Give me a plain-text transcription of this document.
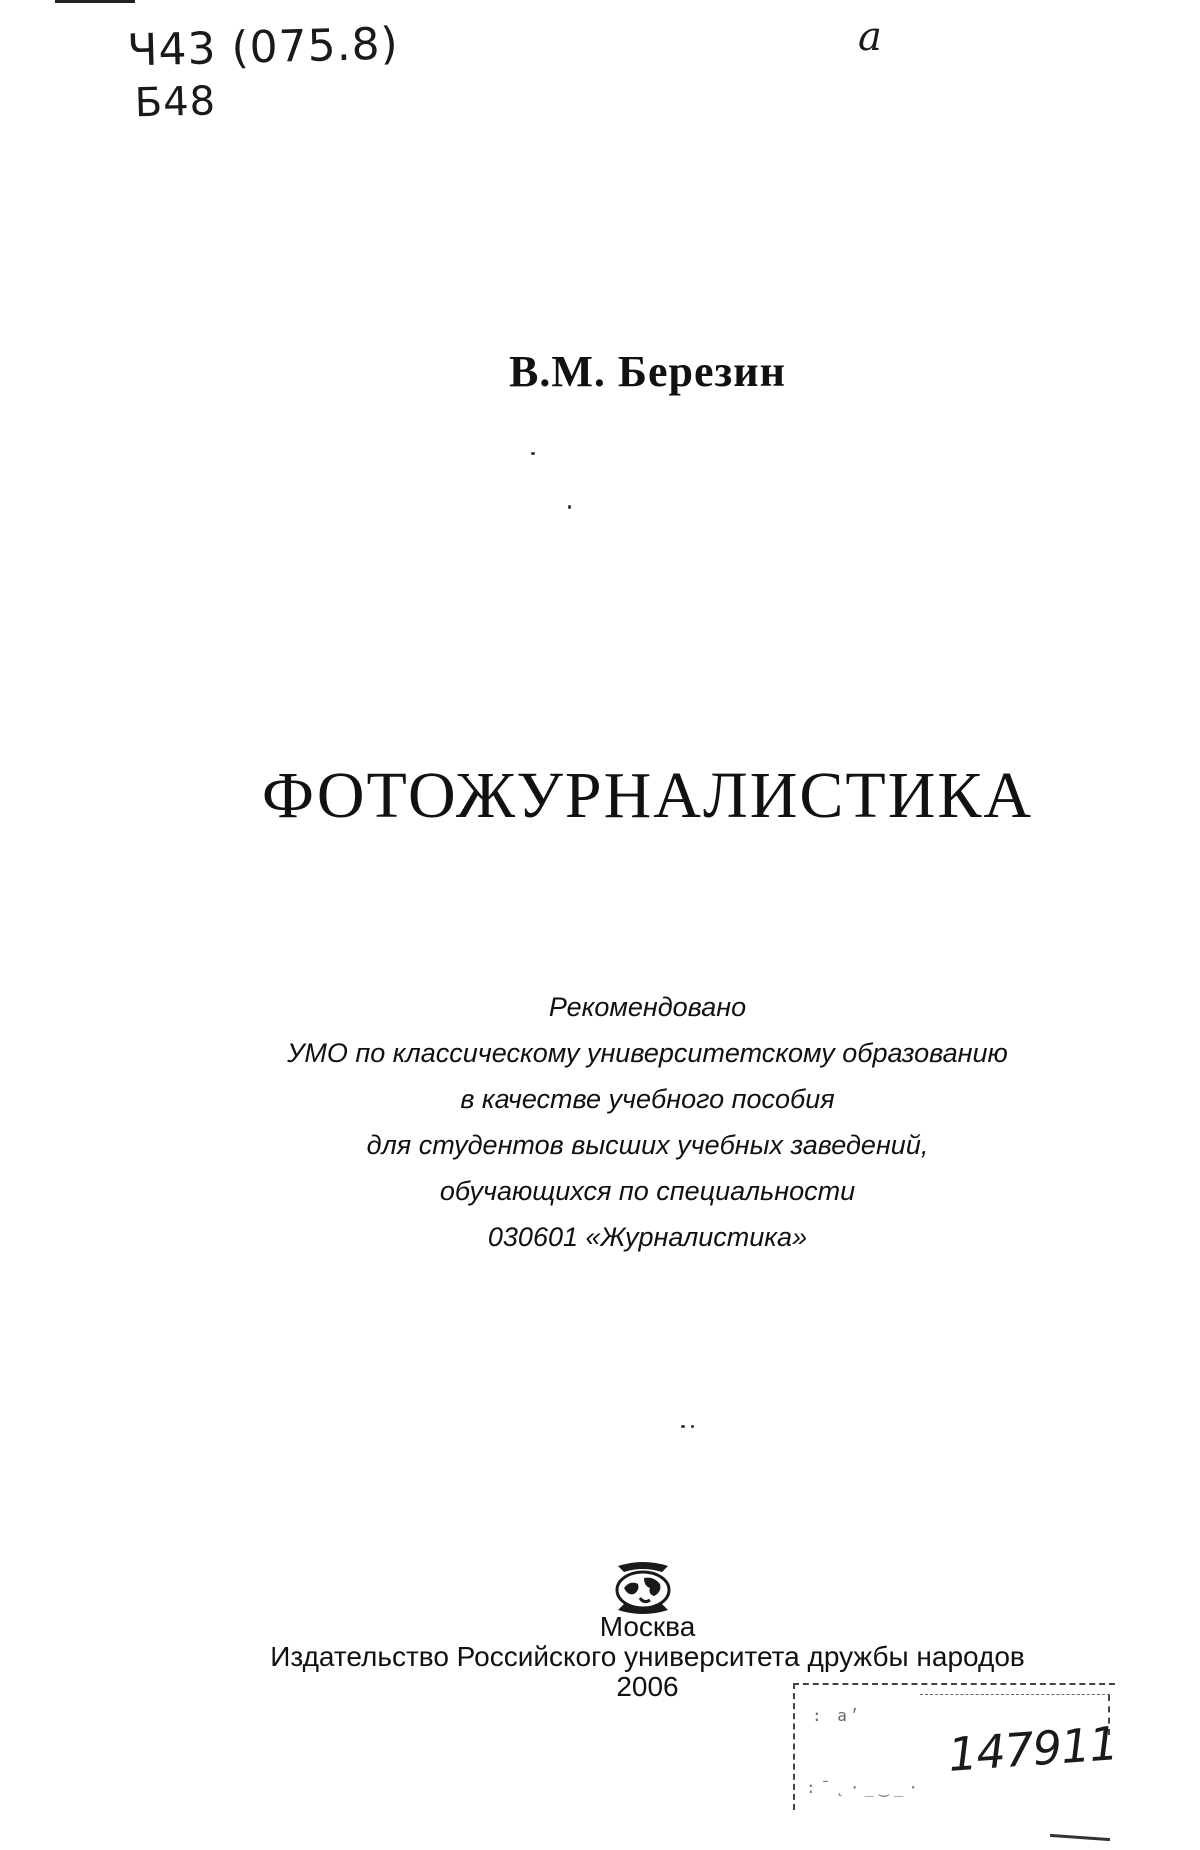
Ч43 (075.8)
Б48
a
В.М. Березин
ФОТОЖУРНАЛИСТИКА
Рекомендовано
УМО по классическому университетскому образованию
в качестве учебного пособия
для студентов высших учебных заведений,
обучающихся по специальности
030601 «Журналистика»
Москва
Издательство Российского университета дружбы народов
2006
: а׳
:ˉ˛·_‿_·
147911
